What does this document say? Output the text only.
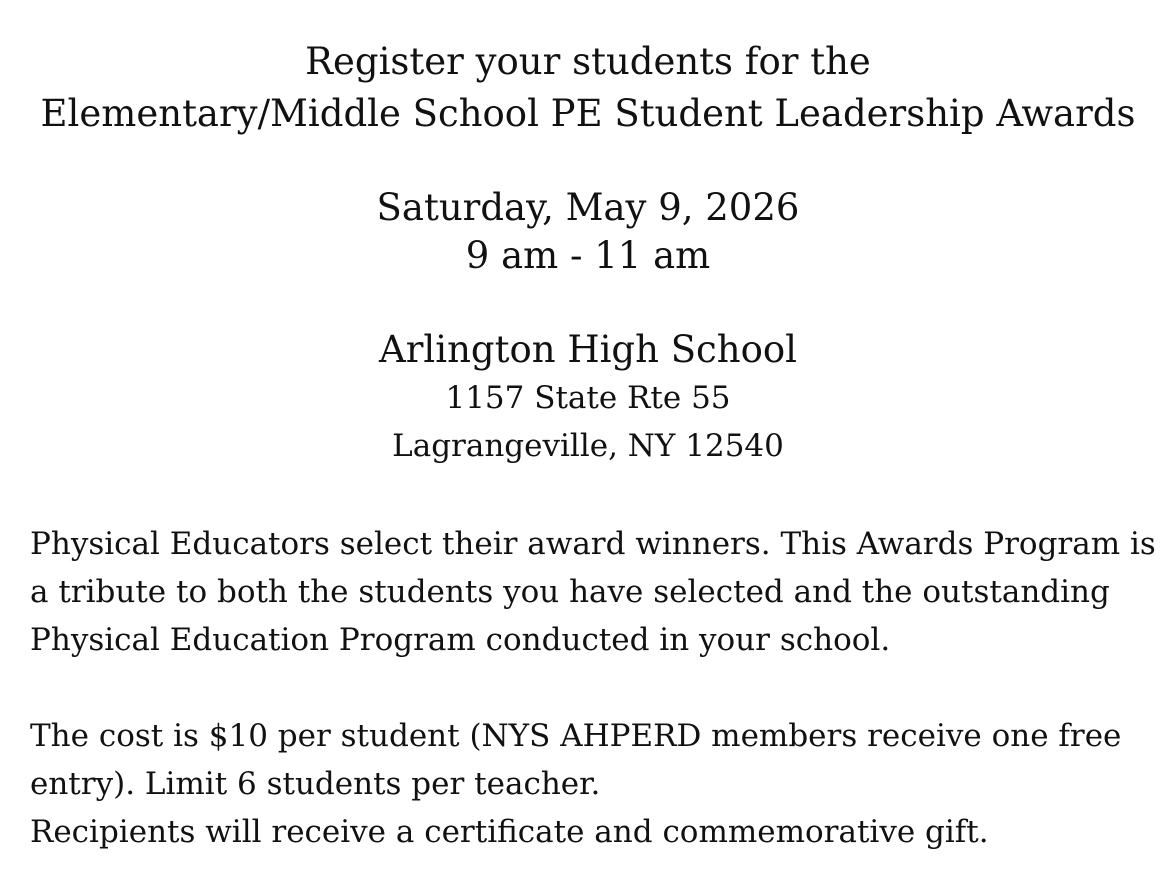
Register your students for the
Elementary/Middle School PE Student Leadership Awards
Saturday, May 9, 2026
9 am - 11 am
Arlington High School
1157 State Rte 55
Lagrangeville, NY 12540

Physical Educators select their award winners. This Awards Program is a tribute to both the students you have selected and the outstanding Physical Education Program conducted in your school.

The cost is $10 per student (NYS AHPERD members receive one free entry). Limit 6 students per teacher.
Recipients will receive a certificate and commemorative gift.
